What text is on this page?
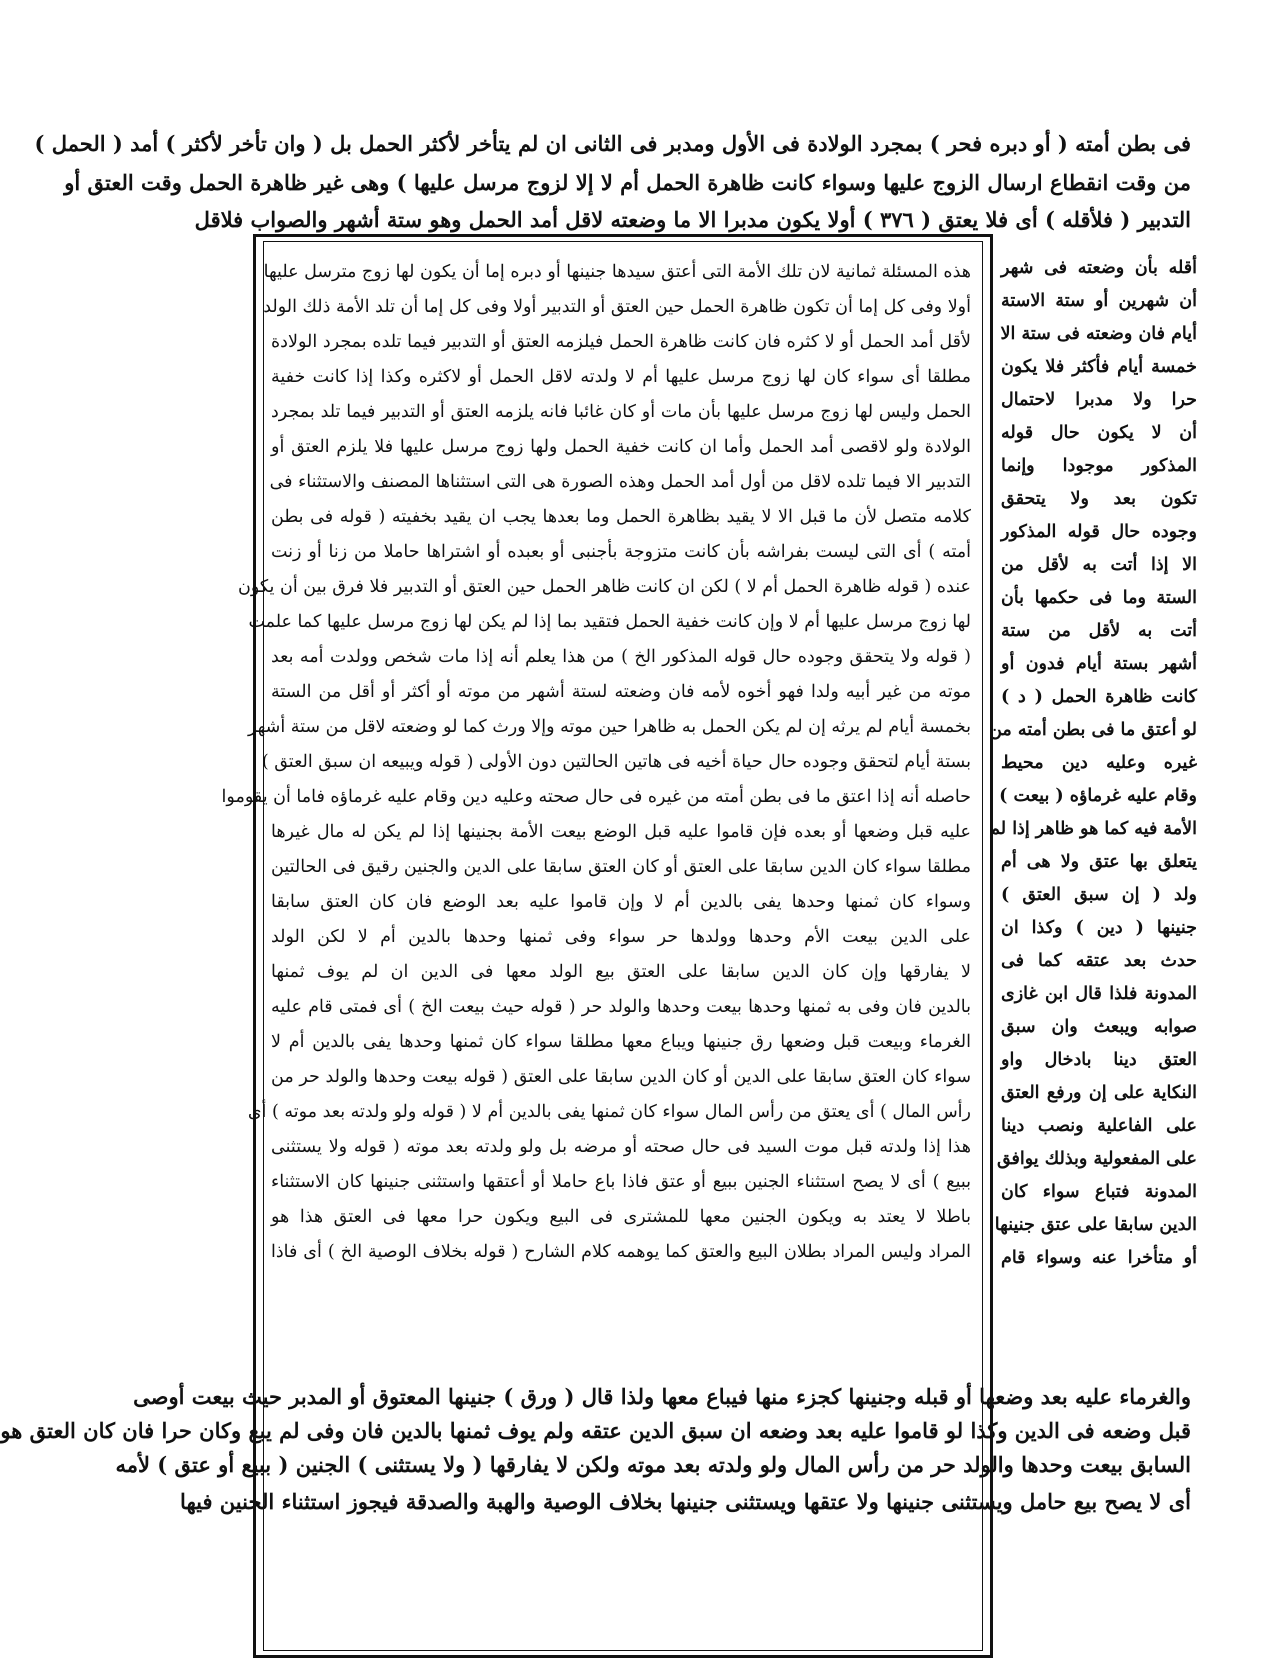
فى بطن أمته ( أو دبره فحر ) بمجرد الولادة فى الأول ومدبر فى الثانى ان لم يتأخر لأكثر الحمل بل ( وان تأخر لأكثر ) أمد ( الحمل )
من وقت انقطاع ارسال الزوج عليها وسواء كانت ظاهرة الحمل أم لا إلا لزوج مرسل عليها ) وهى غير ظاهرة الحمل وقت العتق أو
التدبير ( فلأقله ) أى فلا يعتق ( ٣٧٦ ) أولا يكون مدبرا الا ما وضعته لاقل أمد الحمل وهو ستة أشهر والصواب فلاقل
هذه المسئلة ثمانية لان تلك الأمة التى أعتق سيدها جنينها أو دبره إما أن يكون لها زوج مترسل عليها
أولا وفى كل إما أن تكون ظاهرة الحمل حين العتق أو التدبير أولا وفى كل إما أن تلد الأمة ذلك الولد
لأقل أمد الحمل أو لا كثره فان كانت ظاهرة الحمل فيلزمه العتق أو التدبير فيما تلده بمجرد الولادة
مطلقا أى سواء كان لها زوج مرسل عليها أم لا ولدته لاقل الحمل أو لاكثره وكذا إذا كانت خفية
الحمل وليس لها زوج مرسل عليها بأن مات أو كان غائبا فانه يلزمه العتق أو التدبير فيما تلد بمجرد
الولادة ولو لاقصى أمد الحمل وأما ان كانت خفية الحمل ولها زوج مرسل عليها فلا يلزم العتق أو
التدبير الا فيما تلده لاقل من أول أمد الحمل وهذه الصورة هى التى استثناها المصنف والاستثناء فى
كلامه متصل لأن ما قبل الا لا يقيد بظاهرة الحمل وما بعدها يجب ان يقيد بخفيته ( قوله فى بطن
أمته ) أى التى ليست بفراشه بأن كانت متزوجة بأجنبى أو بعبده أو اشتراها حاملا من زنا أو زنت
عنده ( قوله ظاهرة الحمل أم لا ) لكن ان كانت ظاهر الحمل حين العتق أو التدبير فلا فرق بين أن يكون
لها زوج مرسل عليها أم لا وإن كانت خفية الحمل فتقيد بما إذا لم يكن لها زوج مرسل عليها كما علمت
( قوله ولا يتحقق وجوده حال قوله المذكور الخ ) من هذا يعلم أنه إذا مات شخص وولدت أمه بعد
موته من غير أبيه ولدا فهو أخوه لأمه فان وضعته لستة أشهر من موته أو أكثر أو أقل من الستة
بخمسة أيام لم يرثه إن لم يكن الحمل به ظاهرا حين موته وإلا ورث كما لو وضعته لاقل من ستة أشهر
بستة أيام لتحقق وجوده حال حياة أخيه فى هاتين الحالتين دون الأولى ( قوله ويبيعه ان سبق العتق )
حاصله أنه إذا اعتق ما فى بطن أمته من غيره فى حال صحته وعليه دين وقام عليه غرماؤه فاما أن يقوموا
عليه قبل وضعها أو بعده فإن قاموا عليه قبل الوضع بيعت الأمة بجنينها إذا لم يكن له مال غيرها
مطلقا سواء كان الدين سابقا على العتق أو كان العتق سابقا على الدين والجنين رقيق فى الحالتين
وسواء كان ثمنها وحدها يفى بالدين أم لا وإن قاموا عليه بعد الوضع فان كان العتق سابقا
على الدين بيعت الأم وحدها وولدها حر سواء وفى ثمنها وحدها بالدين أم لا لكن الولد
لا يفارقها وإن كان الدين سابقا على العتق بيع الولد معها فى الدين ان لم يوف ثمنها
بالدين فان وفى به ثمنها وحدها بيعت وحدها والولد حر ( قوله حيث بيعت الخ ) أى فمتى قام عليه
الغرماء وبيعت قبل وضعها رق جنينها ويباع معها مطلقا سواء كان ثمنها وحدها يفى بالدين أم لا
سواء كان العتق سابقا على الدين أو كان الدين سابقا على العتق ( قوله بيعت وحدها والولد حر من
رأس المال ) أى يعتق من رأس المال سواء كان ثمنها يفى بالدين أم لا ( قوله ولو ولدته بعد موته ) أى
هذا إذا ولدته قبل موت السيد فى حال صحته أو مرضه بل ولو ولدته بعد موته ( قوله ولا يستثنى
ببيع ) أى لا يصح استثناء الجنين ببيع أو عتق فاذا باع حاملا أو أعتقها واستثنى جنينها كان الاستثناء
باطلا لا يعتد به ويكون الجنين معها للمشترى فى البيع ويكون حرا معها فى العتق هذا هو
المراد وليس المراد بطلان البيع والعتق كما يوهمه كلام الشارح ( قوله بخلاف الوصية الخ ) أى فاذا
أقله بأن وضعته فى شهر
أن شهرين أو ستة الاستة
أيام فان وضعته فى ستة الا
خمسة أيام فأكثر فلا يكون
حرا ولا مدبرا لاحتمال
أن لا يكون حال قوله
المذكور موجودا وإنما
تكون بعد ولا يتحقق
وجوده حال قوله المذكور
الا إذا أتت به لأقل من
الستة وما فى حكمها بأن
أتت به لأقل من ستة
أشهر بستة أيام فدون أو
كانت ظاهرة الحمل ( د )
لو أعتق ما فى بطن أمته من
غيره وعليه دين محيط
وقام عليه غرماؤه ( بيعت )
الأمة فيه كما هو ظاهر إذا لم
يتعلق بها عتق ولا هى أم
ولد ( إن سبق العتق )
جنينها ( دين ) وكذا ان
حدث بعد عتقه كما فى
المدونة فلذا قال ابن غازى
صوابه ويبعث وان سبق
العتق دينا بادخال واو
النكاية على إن ورفع العتق
على الفاعلية ونصب دينا
على المفعولية وبذلك يوافق
المدونة فتباع سواء كان
الدين سابقا على عتق جنينها
أو متأخرا عنه وسواء قام
والغرماء عليه بعد وضعها أو قبله وجنينها كجزء منها فيباع معها ولذا قال ( ورق ) جنينها المعتوق أو المدبر حيث بيعت أوصى
قبل وضعه فى الدين وكذا لو قاموا عليه بعد وضعه ان سبق الدين عتقه ولم يوف ثمنها بالدين فان وفى لم يبع وكان حرا فان كان العتق هو
السابق بيعت وحدها والولد حر من رأس المال ولو ولدته بعد موته ولكن لا يفارقها ( ولا يستثنى ) الجنين ( ببيع أو عتق ) لأمه
أى لا يصح بيع حامل ويستثنى جنينها ولا عتقها ويستثنى جنينها بخلاف الوصية والهبة والصدقة فيجوز استثناء الجنين فيها
